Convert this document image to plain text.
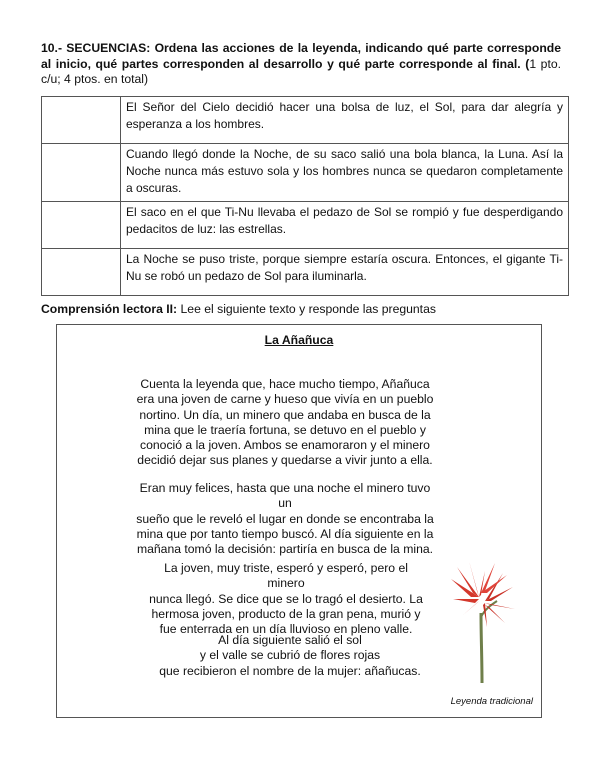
10.- SECUENCIAS: Ordena las acciones de la leyenda, indicando qué parte corresponde al inicio, qué partes corresponden al desarrollo y qué parte corresponde al final. (1 pto. c/u; 4 ptos. en total)
	El Señor del Cielo decidió hacer una bolsa de luz, el Sol, para dar alegría y esperanza a los hombres.
	Cuando llegó donde la Noche, de su saco salió una bola blanca, la Luna. Así la Noche nunca más estuvo sola y los hombres nunca se quedaron completamente a oscuras.
	El saco en el que Ti-Nu llevaba el pedazo de Sol se rompió y fue desperdigando pedacitos de luz: las estrellas.
	La Noche se puso triste, porque siempre estaría oscura. Entonces, el gigante Ti-Nu se robó un pedazo de Sol para iluminarla.
Comprensión lectora II: Lee el siguiente texto y responde las preguntas
La Añañuca
Cuenta la leyenda que, hace mucho tiempo, Añañuca
era una joven de carne y hueso que vivía en un pueblo
nortino. Un día, un minero que andaba en busca de la
mina que le traería fortuna, se detuvo en el pueblo y
conoció a la joven. Ambos se enamoraron y el minero
decidió dejar sus planes y quedarse a vivir junto a ella.
Eran muy felices, hasta que una noche el minero tuvo un
sueño que le reveló el lugar en donde se encontraba la
mina que por tanto tiempo buscó. Al día siguiente en la
mañana tomó la decisión: partiría en busca de la mina.
La joven, muy triste, esperó y esperó, pero el minero
nunca llegó. Se dice que se lo tragó el desierto. La
hermosa joven, producto de la gran pena, murió y
fue enterrada en un día lluvioso en pleno valle.
Al día siguiente salió el sol
y el valle se cubrió de flores rojas
que recibieron el nombre de la mujer: añañucas.
Leyenda tradicional
